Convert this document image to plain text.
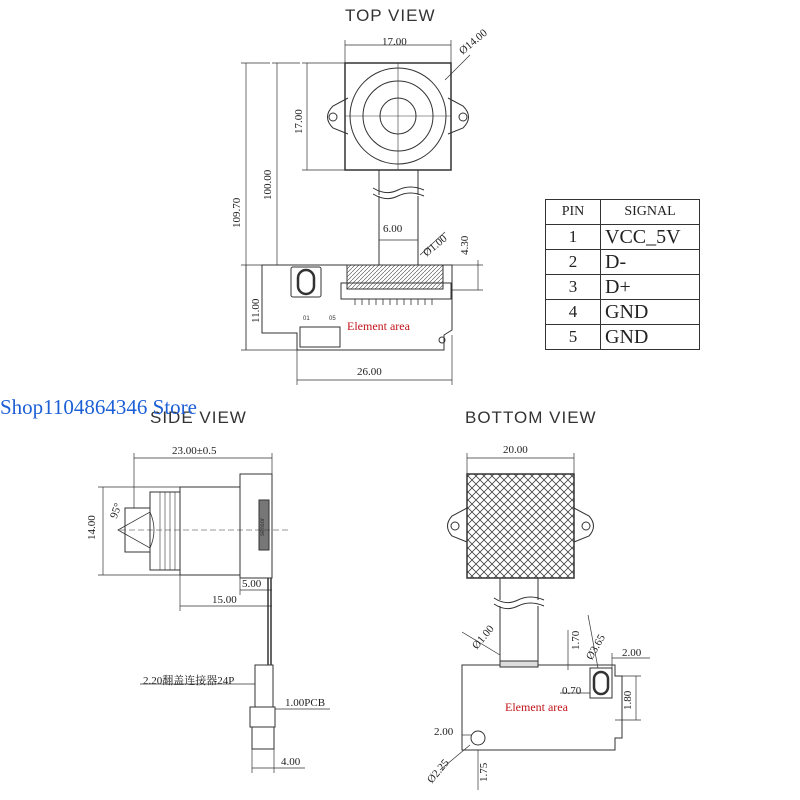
TOP VIEW
SIDE VIEW	BOTTOM VIEW
17.00	Ø14.00
17.00
100.00
109.70
6.00
Ø1.00 4.30
11.00
26.00
01	05 Element area
PIN	SIGNAL
1	VCC_5V
2	D-
3	D+
4	GND
5	GND
23.00±0.5
14.00
95°
sensor
5.00
15.00
2.20翻盖连接器24P
1.00PCB
4.00
20.00
Ø1.00	1.70 Ø3.65 2.00
0.70	1.80
Element area
2.00
Ø2.25 1.75
Shop1104864346 Store
